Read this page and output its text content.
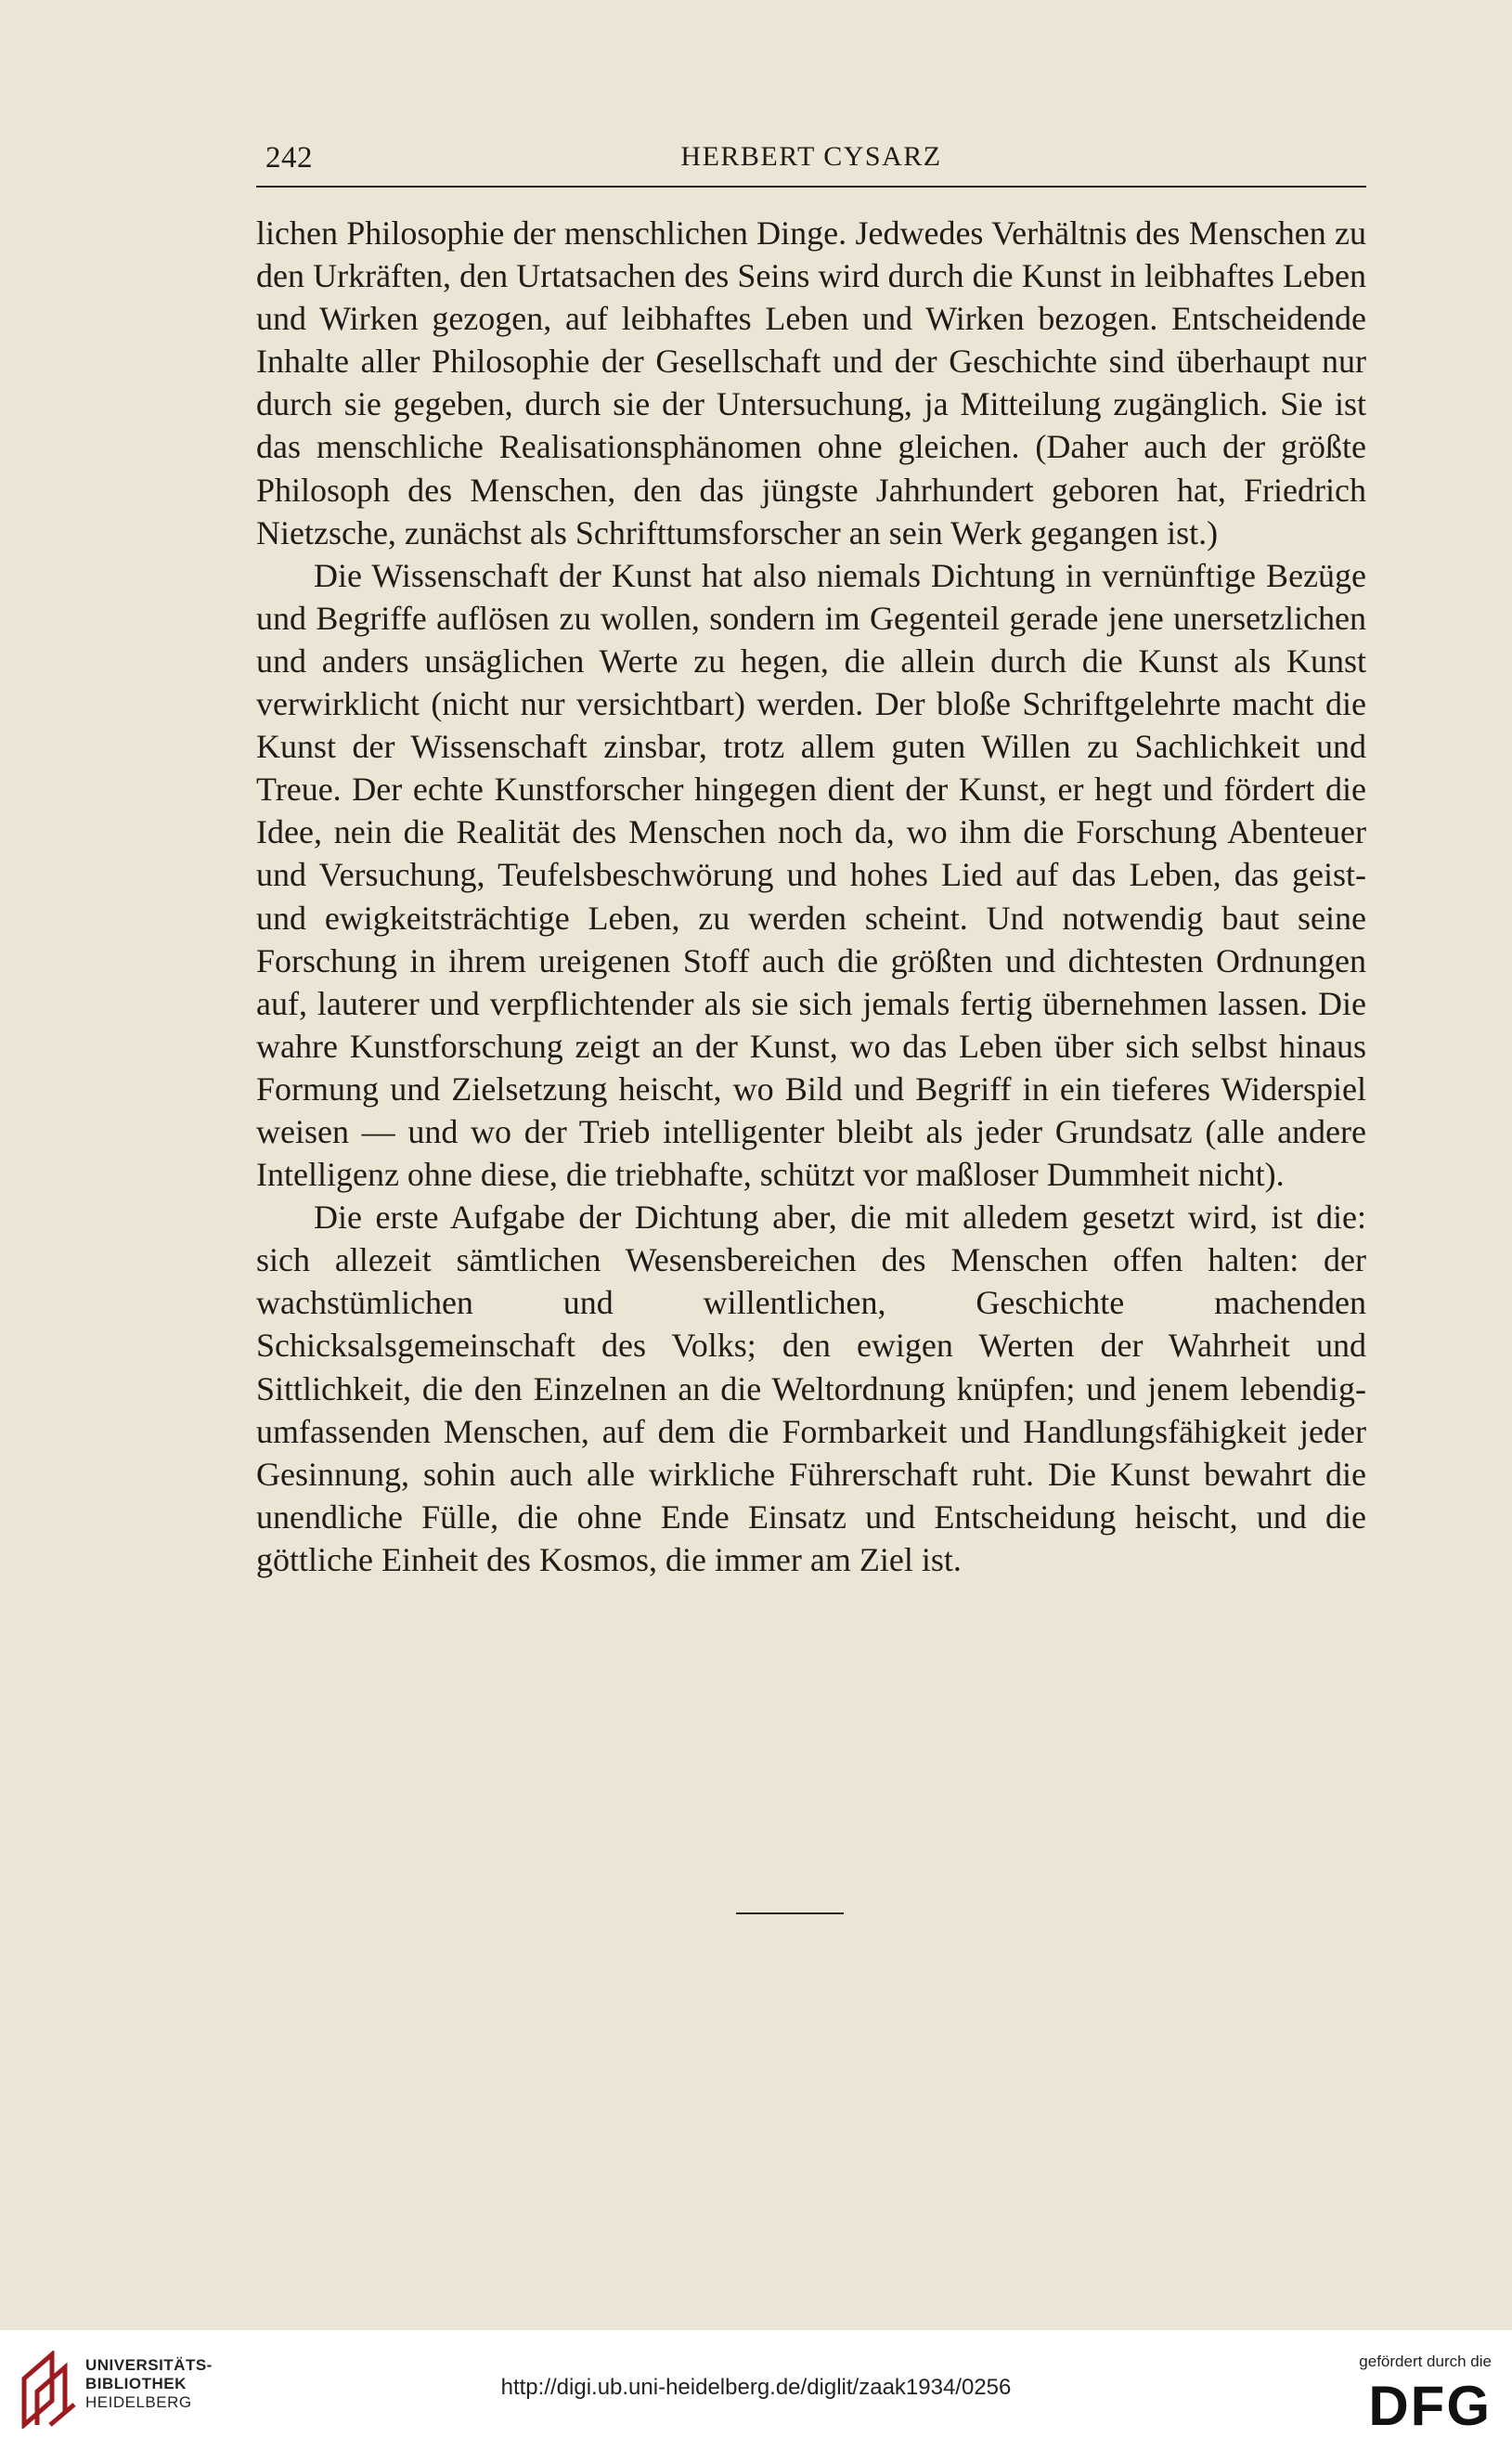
242	HERBERT CYSARZ

lichen Philosophie der menschlichen Dinge. Jedwedes Verhältnis des Menschen zu den Urkräften, den Urtatsachen des Seins wird durch die Kunst in leibhaftes Leben und Wirken gezogen, auf leibhaftes Leben und Wirken bezogen. Entscheidende Inhalte aller Philosophie der Gesellschaft und der Geschichte sind überhaupt nur durch sie gegeben, durch sie der Untersuchung, ja Mitteilung zugänglich. Sie ist das menschliche Realisationsphänomen ohne gleichen. (Daher auch der größte Philosoph des Menschen, den das jüngste Jahrhundert geboren hat, Friedrich Nietzsche, zunächst als Schrifttumsforscher an sein Werk gegangen ist.)

Die Wissenschaft der Kunst hat also niemals Dichtung in vernünftige Bezüge und Begriffe auflösen zu wollen, sondern im Gegenteil gerade jene unersetzlichen und anders unsäglichen Werte zu hegen, die allein durch die Kunst als Kunst verwirklicht (nicht nur versichtbart) werden. Der bloße Schriftgelehrte macht die Kunst der Wissenschaft zinsbar, trotz allem guten Willen zu Sachlichkeit und Treue. Der echte Kunstforscher hingegen dient der Kunst, er hegt und fördert die Idee, nein die Realität des Menschen noch da, wo ihm die Forschung Abenteuer und Versuchung, Teufelsbeschwörung und hohes Lied auf das Leben, das geist- und ewigkeitsträchtige Leben, zu werden scheint. Und notwendig baut seine Forschung in ihrem ureigenen Stoff auch die größten und dichtesten Ordnungen auf, lauterer und verpflichtender als sie sich jemals fertig übernehmen lassen. Die wahre Kunstforschung zeigt an der Kunst, wo das Leben über sich selbst hinaus Formung und Zielsetzung heischt, wo Bild und Begriff in ein tieferes Widerspiel weisen — und wo der Trieb intelligenter bleibt als jeder Grundsatz (alle andere Intelligenz ohne diese, die triebhafte, schützt vor maßloser Dummheit nicht).

Die erste Aufgabe der Dichtung aber, die mit alledem gesetzt wird, ist die: sich allezeit sämtlichen Wesensbereichen des Menschen offen halten: der wachstümlichen und willentlichen, Geschichte machenden Schicksalsgemeinschaft des Volks; den ewigen Werten der Wahrheit und Sittlichkeit, die den Einzelnen an die Weltordnung knüpfen; und jenem lebendig-umfassenden Menschen, auf dem die Formbarkeit und Handlungsfähigkeit jeder Gesinnung, sohin auch alle wirkliche Führerschaft ruht. Die Kunst bewahrt die unendliche Fülle, die ohne Ende Einsatz und Entscheidung heischt, und die göttliche Einheit des Kosmos, die immer am Ziel ist.

UNIVERSITÄTS-
BIBLIOTHEK
HEIDELBERG
http://digi.ub.uni-heidelberg.de/diglit/zaak1934/0256
gefördert durch die
DFG
